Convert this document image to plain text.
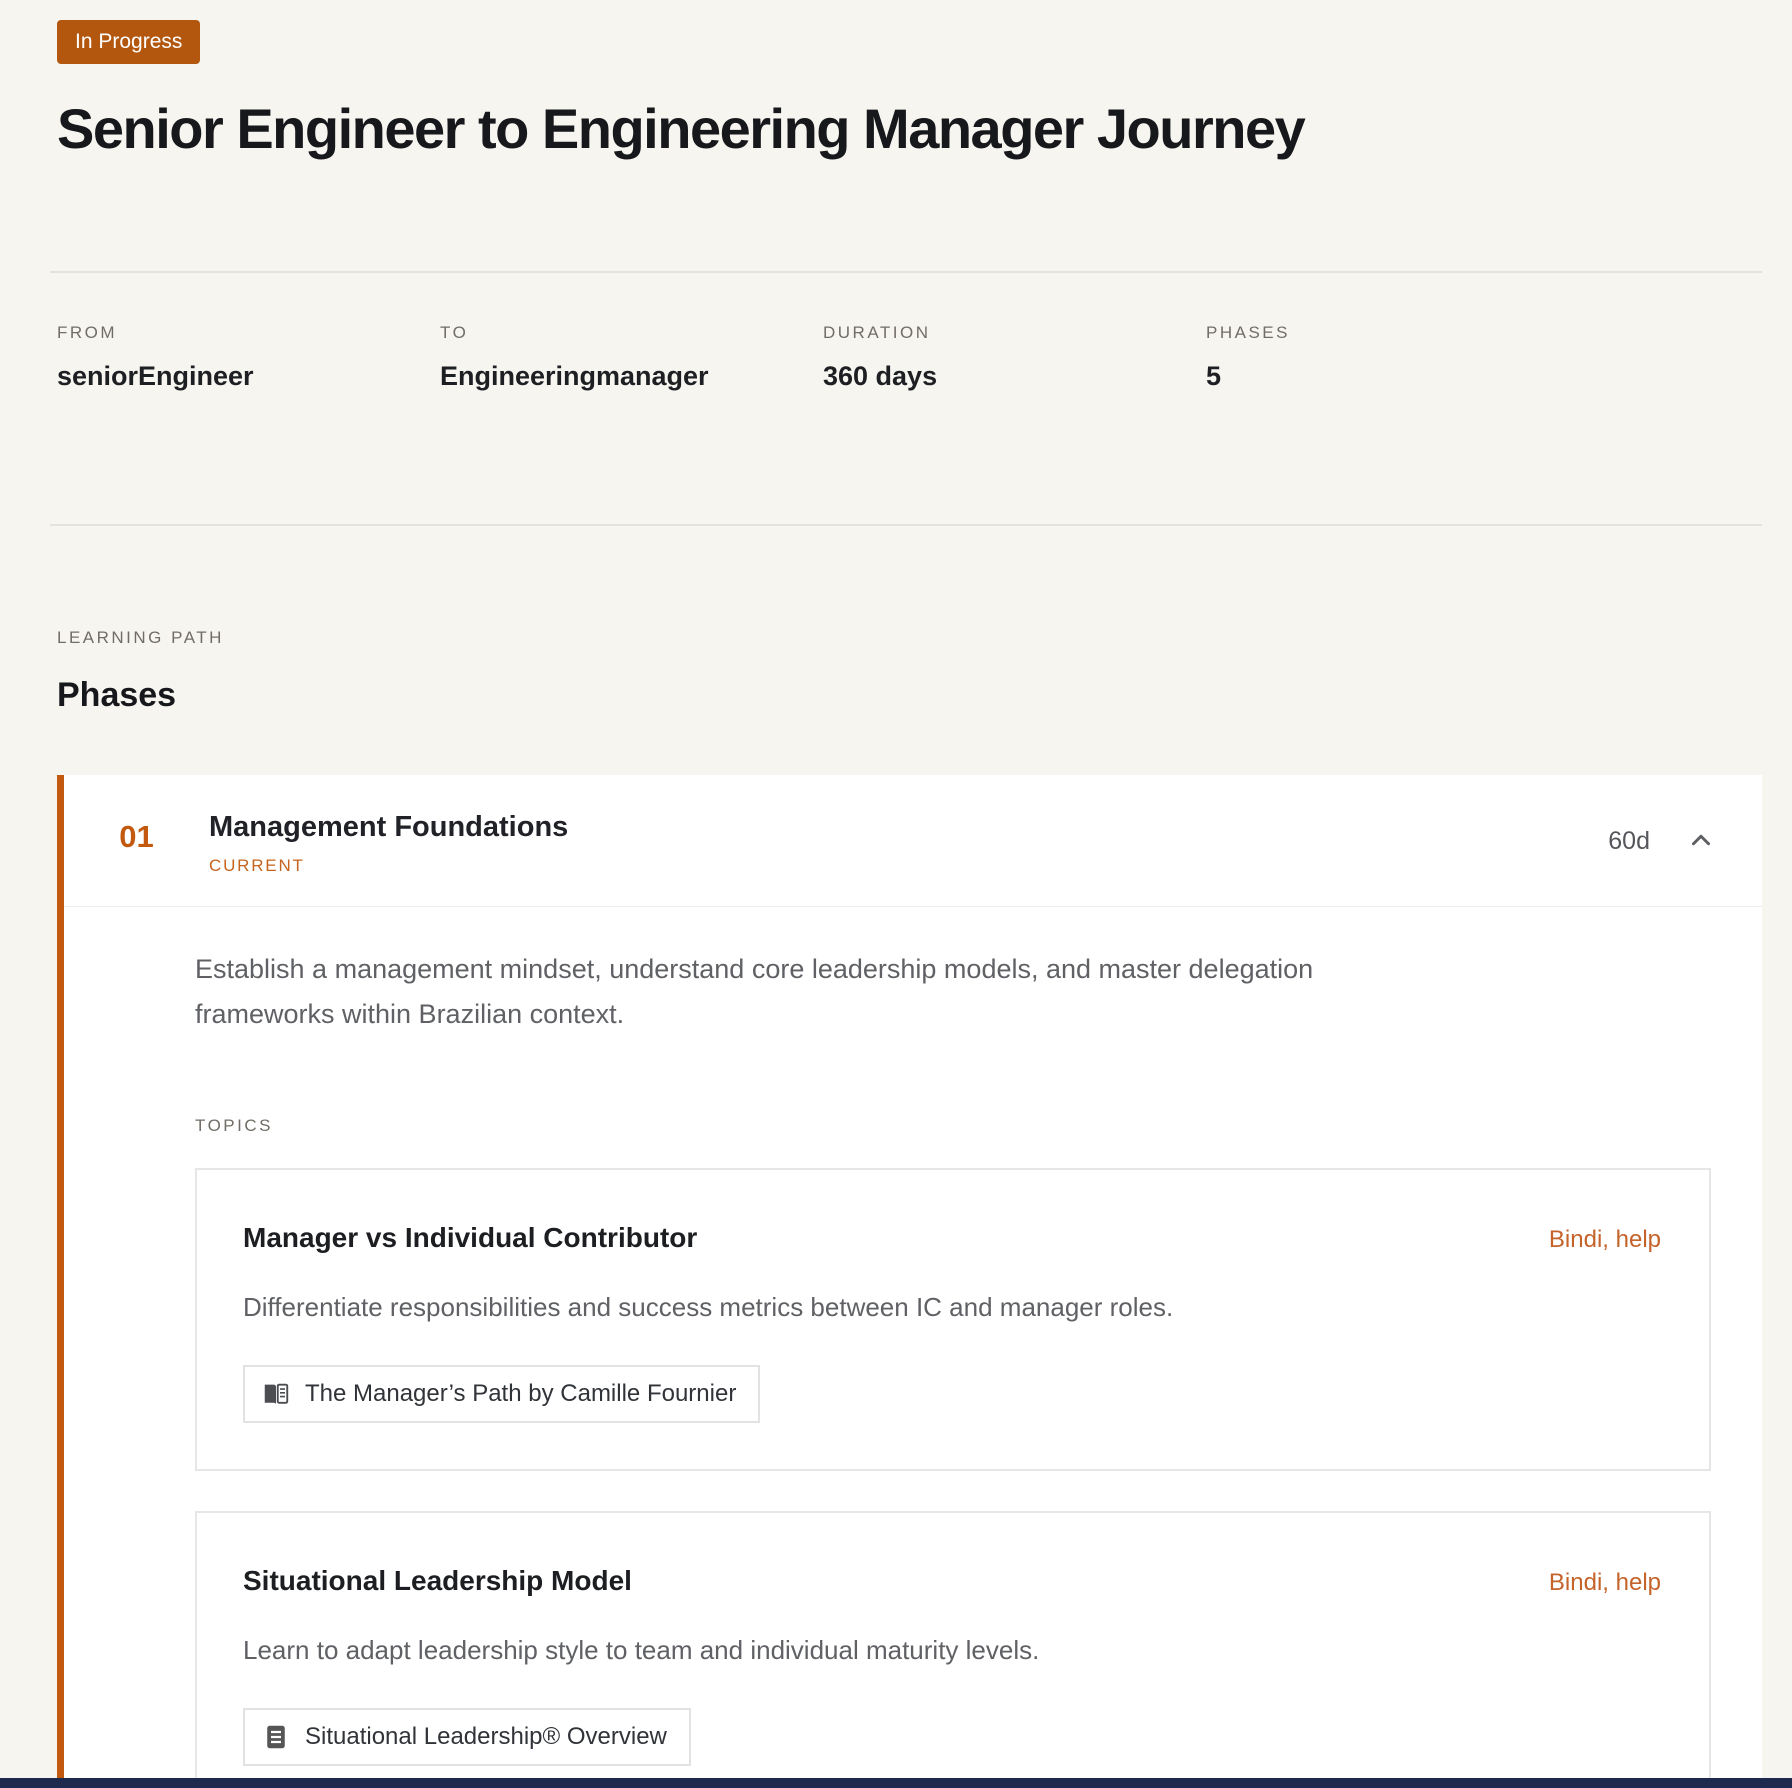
In Progress
Senior Engineer to Engineering Manager Journey
FROM
seniorEngineer
TO
Engineeringmanager
DURATION
360 days
PHASES
5
LEARNING PATH
Phases
01	Management Foundations
CURRENT
60d

Establish a management mindset, understand core leadership models, and master delegation frameworks within Brazilian context.

TOPICS
Manager vs Individual Contributor	Bindi, help

Differentiate responsibilities and success metrics between IC and manager roles.

The Manager’s Path by Camille Fournier
Situational Leadership Model	Bindi, help

Learn to adapt leadership style to team and individual maturity levels.

Situational Leadership® Overview
